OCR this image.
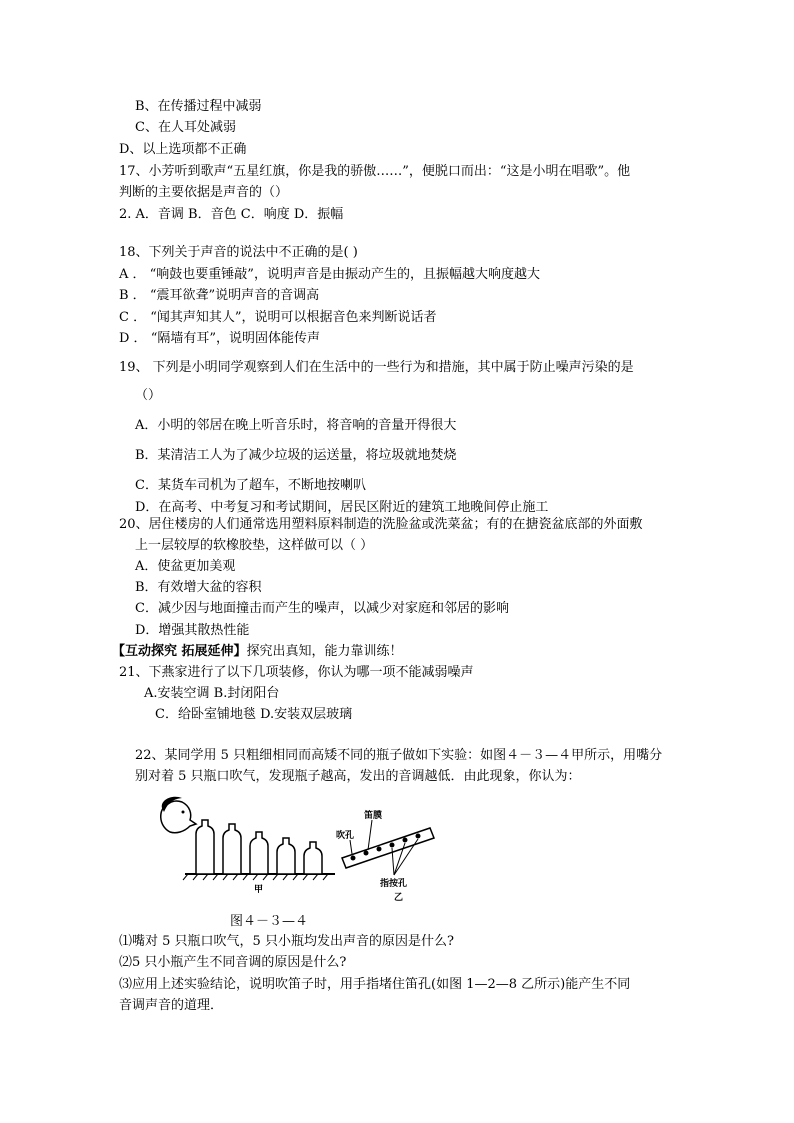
B、在传播过程中减弱
C、在人耳处减弱
D、以上选项都不正确
17、小芳听到歌声“五星红旗，你是我的骄傲……”，便脱口而出：“这是小明在唱歌”。他
判断的主要依据是声音的（）
2. A．音调 B．音色 C．响度 D．振幅
18、下列关于声音的说法中不正确的是( )
A ． “响鼓也要重锤敲”，说明声音是由振动产生的，且振幅越大响度越大
B ． “震耳欲聋”说明声音的音调高
C ． “闻其声知其人”，说明可以根据音色来判断说话者
D ． “隔墙有耳”，说明固体能传声
19、 下列是小明同学观察到人们在生活中的一些行为和措施，其中属于防止噪声污染的是
（）
A．小明的邻居在晚上听音乐时，将音响的音量开得很大
B．某清洁工人为了减少垃圾的运送量，将垃圾就地焚烧
C．某货车司机为了超车，不断地按喇叭
D．在高考、中考复习和考试期间，居民区附近的建筑工地晚间停止施工
20、居住楼房的人们通常选用塑料原料制造的洗脸盆或洗菜盆；有的在搪瓷盆底部的外面敷
上一层较厚的软橡胶垫，这样做可以（ ）
A．使盆更加美观
B．有效增大盆的容积
C．减少因与地面撞击而产生的噪声，以减少对家庭和邻居的影响
D．增强其散热性能
【互动探究 拓展延伸】探究出真知，能力靠训练！
21、下燕家进行了以下几项装修，你认为哪一项不能减弱噪声
A.安装空调 B.封闭阳台
C．给卧室铺地毯 D.安装双层玻璃
22、某同学用 5 只粗细相同而高矮不同的瓶子做如下实验：如图４－３—４甲所示，用嘴分
别对着 5 只瓶口吹气，发现瓶子越高，发出的音调越低．由此现象，你认为：
吹孔
笛膜
指按孔
甲
乙
图４－３—４
⑴嘴对 5 只瓶口吹气，5 只小瓶均发出声音的原因是什么?
⑵5 只小瓶产生不同音调的原因是什么?
⑶应用上述实验结论，说明吹笛子时，用手指堵住笛孔(如图 1—2—8 乙所示)能产生不同
音调声音的道理．
